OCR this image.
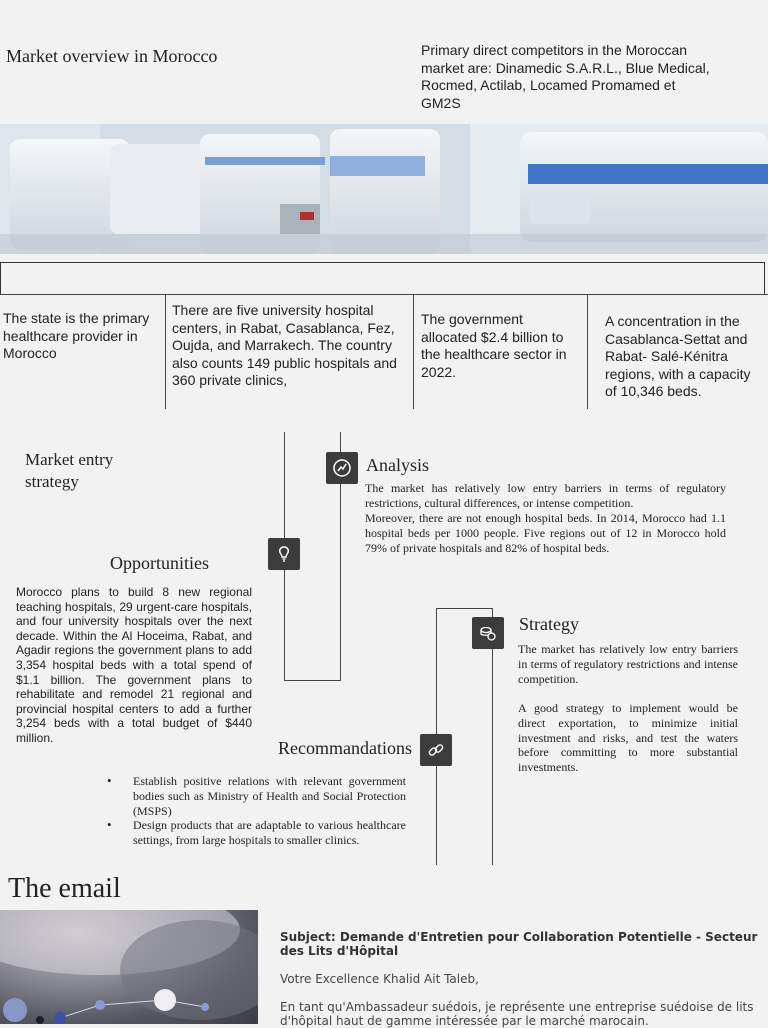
Market overview in Morocco	Primary direct competitors in the Moroccan market are: Dinamedic S.A.R.L., Blue Medical, Rocmed, Actilab, Locamed Promamed et GM2S
The state is the primary healthcare provider in Morocco
There are five university hospital centers, in Rabat, Casablanca, Fez, Oujda, and Marrakech. The country also counts 149 public hospitals and 360 private clinics,
The government allocated $2.4 billion to the healthcare sector in 2022.
A concentration in the Casablanca-Settat and Rabat- Salé-Kénitra regions, with a capacity of 10,346 beds.
Market entry strategy
Analysis
The market has relatively low entry barriers in terms of regulatory restrictions, cultural differences, or intense competition.
Moreover, there are not enough hospital beds. In 2014, Morocco had 1.1 hospital beds per 1000 people. Five regions out of 12 in Morocco hold 79% of private hospitals and 82% of hospital beds.
Opportunities
Morocco plans to build 8 new regional teaching hospitals, 29 urgent-care hospitals, and four university hospitals over the next decade. Within the Al Hoceima, Rabat, and Agadir regions the government plans to add 3,354 hospital beds with a total spend of $1.1 billion. The government plans to rehabilitate and remodel 21 regional and provincial hospital centers to add a further 3,254 beds with a total budget of $440 million.
Strategy
The market has relatively low entry barriers in terms of regulatory restrictions and intense competition.
A good strategy to implement would be direct exportation, to minimize initial investment and risks, and test the waters before committing to more substantial investments.
Recommandations
• Establish positive relations with relevant government bodies such as Ministry of Health and Social Protection (MSPS)
• Design products that are adaptable to various healthcare settings, from large hospitals to smaller clinics.
The email
Subject: Demande d'Entretien pour Collaboration Potentielle - Secteur des Lits d'Hôpital
Votre Excellence Khalid Ait Taleb,
En tant qu'Ambassadeur suédois, je représente une entreprise suédoise de lits d'hôpital haut de gamme intéressée par le marché marocain.
